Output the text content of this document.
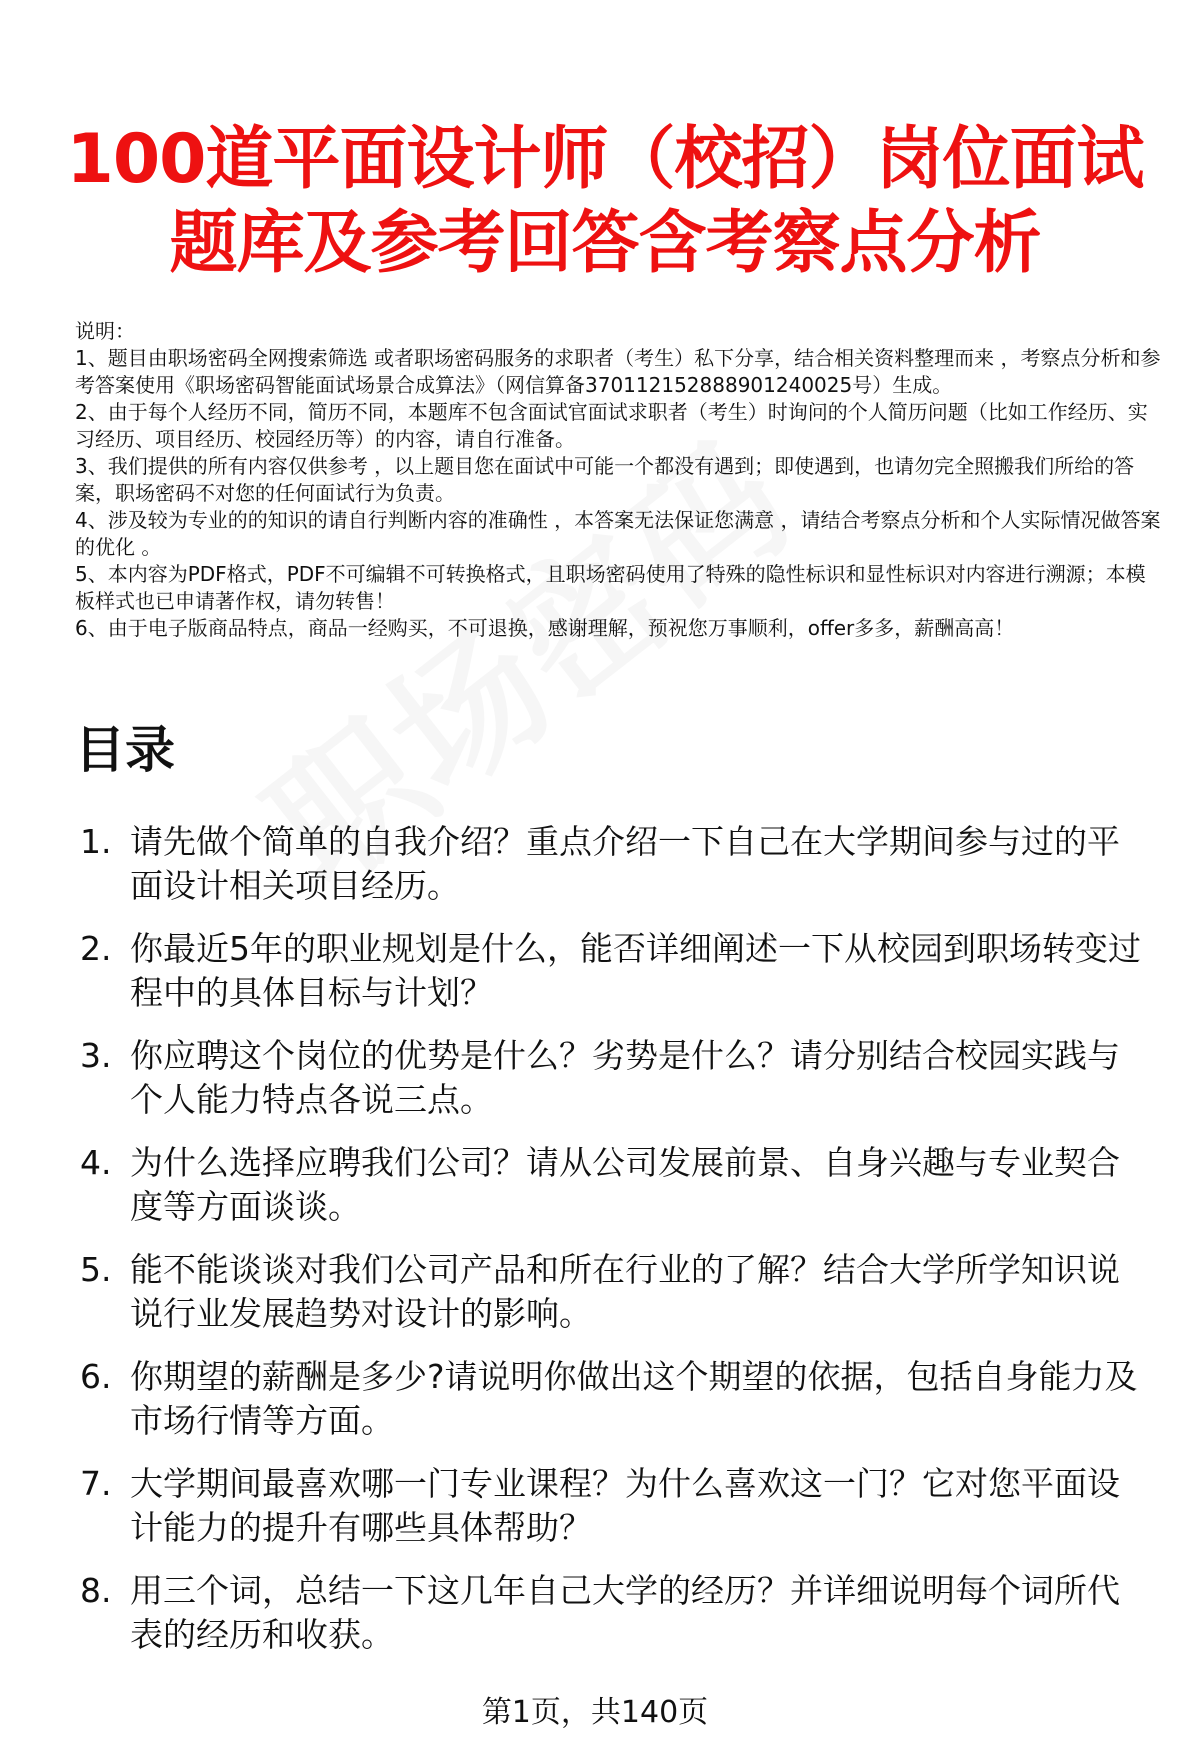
100道平面设计师（校招）岗位面试
题库及参考回答含考察点分析

说明：

1、题目由职场密码全网搜索筛选 或者职场密码服务的求职者（考生）私下分享，结合相关资料整理而来 ，考察点分析和参考答案使用《职场密码智能面试场景合成算法》（网信算备370112152888901240025号）生成。

2、由于每个人经历不同，简历不同，本题库不包含面试官面试求职者（考生）时询问的个人简历问题（比如工作经历、实习经历、项目经历、校园经历等）的内容，请自行准备。

3、我们提供的所有内容仅供参考 ，以上题目您在面试中可能一个都没有遇到；即使遇到，也请勿完全照搬我们所给的答案，职场密码不对您的任何面试行为负责。

4、涉及较为专业的的知识的请自行判断内容的准确性 ，本答案无法保证您满意 ，请结合考察点分析和个人实际情况做答案的优化 。

5、本内容为PDF格式，PDF不可编辑不可转换格式，且职场密码使用了特殊的隐性标识和显性标识对内容进行溯源；本模板样式也已申请著作权，请勿转售！

6、由于电子版商品特点，商品一经购买，不可退换，感谢理解，预祝您万事顺利，offer多多，薪酬高高！

目录
1. 请先做个简单的自我介绍？重点介绍一下自己在大学期间参与过的平面设计相关项目经历。
2. 你最近5年的职业规划是什么，能否详细阐述一下从校园到职场转变过程中的具体目标与计划？
3. 你应聘这个岗位的优势是什么？劣势是什么？请分别结合校园实践与个人能力特点各说三点。
4. 为什么选择应聘我们公司？请从公司发展前景、自身兴趣与专业契合度等方面谈谈。
5. 能不能谈谈对我们公司产品和所在行业的了解？结合大学所学知识说说行业发展趋势对设计的影响。
6. 你期望的薪酬是多少?请说明你做出这个期望的依据，包括自身能力及市场行情等方面。
7. 大学期间最喜欢哪一门专业课程？为什么喜欢这一门？它对您平面设计能力的提升有哪些具体帮助？
8. 用三个词，总结一下这几年自己大学的经历？并详细说明每个词所代表的经历和收获。
第1页，共140页
